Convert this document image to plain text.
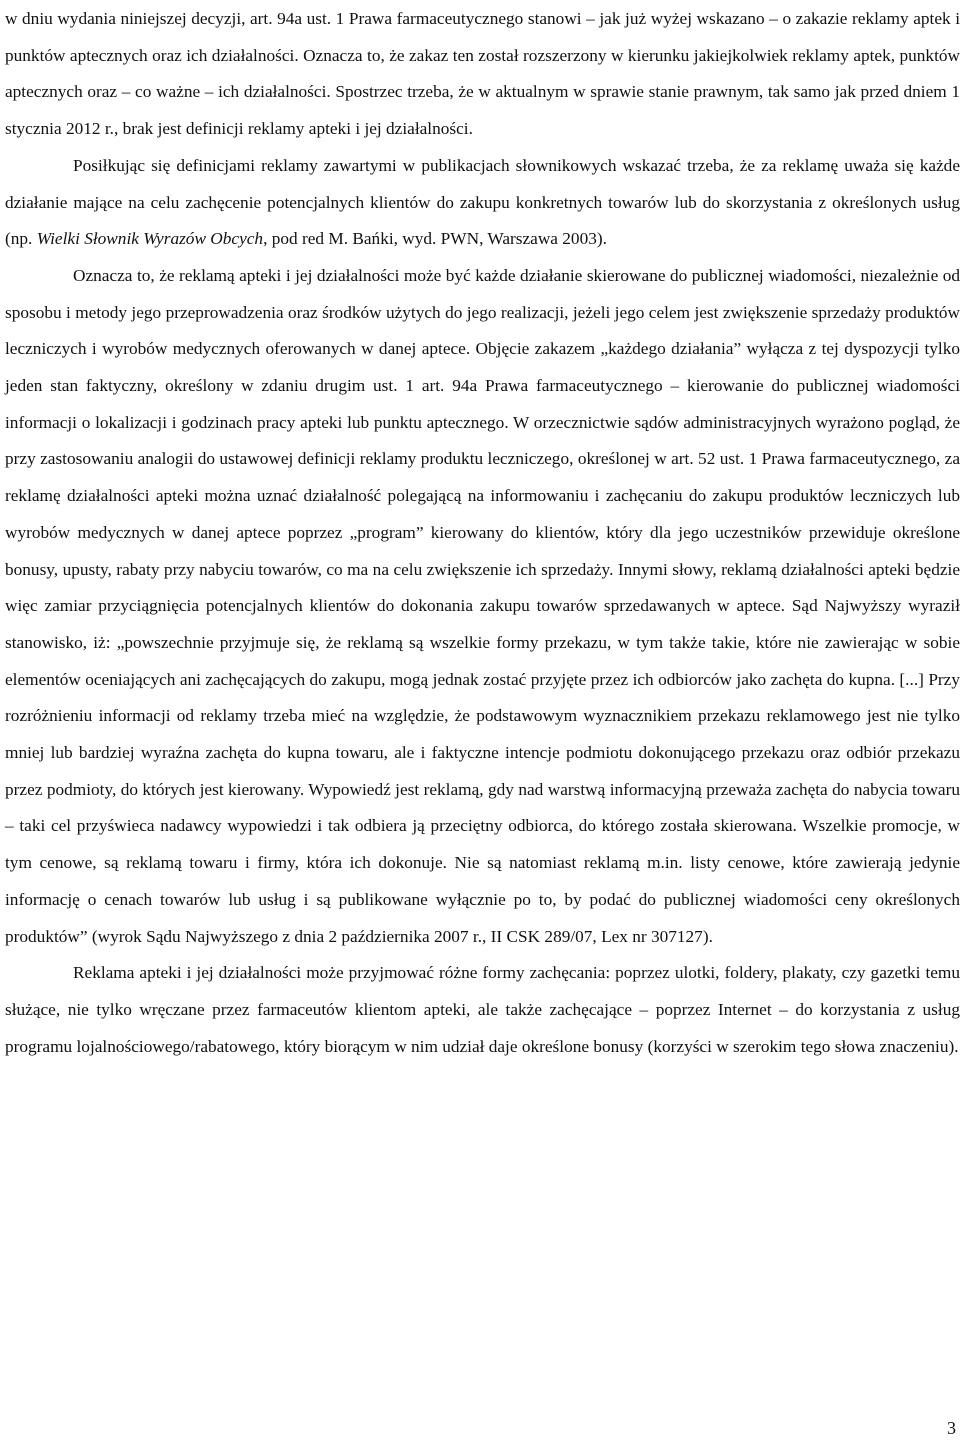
w dniu wydania niniejszej decyzji, art. 94a ust. 1 Prawa farmaceutycznego stanowi – jak już wyżej wskazano – o zakazie reklamy aptek i punktów aptecznych oraz ich działalności. Oznacza to, że zakaz ten został rozszerzony w kierunku jakiejkolwiek reklamy aptek, punktów aptecznych oraz – co ważne – ich działalności. Spostrzec trzeba, że w aktualnym w sprawie stanie prawnym, tak samo jak przed dniem 1 stycznia 2012 r., brak jest definicji reklamy apteki i jej działalności.

Posiłkując się definicjami reklamy zawartymi w publikacjach słownikowych wskazać trzeba, że za reklamę uważa się każde działanie mające na celu zachęcenie potencjalnych klientów do zakupu konkretnych towarów lub do skorzystania z określonych usług (np. Wielki Słownik Wyrazów Obcych, pod red M. Bańki, wyd. PWN, Warszawa 2003).

Oznacza to, że reklamą apteki i jej działalności może być każde działanie skierowane do publicznej wiadomości, niezależnie od sposobu i metody jego przeprowadzenia oraz środków użytych do jego realizacji, jeżeli jego celem jest zwiększenie sprzedaży produktów leczniczych i wyrobów medycznych oferowanych w danej aptece. Objęcie zakazem „każdego działania” wyłącza z tej dyspozycji tylko jeden stan faktyczny, określony w zdaniu drugim ust. 1 art. 94a Prawa farmaceutycznego – kierowanie do publicznej wiadomości informacji o lokalizacji i godzinach pracy apteki lub punktu aptecznego. W orzecznictwie sądów administracyjnych wyrażono pogląd, że przy zastosowaniu analogii do ustawowej definicji reklamy produktu leczniczego, określonej w art. 52 ust. 1 Prawa farmaceutycznego, za reklamę działalności apteki można uznać działalność polegającą na informowaniu i zachęcaniu do zakupu produktów leczniczych lub wyrobów medycznych w danej aptece poprzez „program” kierowany do klientów, który dla jego uczestników przewiduje określone bonusy, upusty, rabaty przy nabyciu towarów, co ma na celu zwiększenie ich sprzedaży. Innymi słowy, reklamą działalności apteki będzie więc zamiar przyciągnięcia potencjalnych klientów do dokonania zakupu towarów sprzedawanych w aptece. Sąd Najwyższy wyraził stanowisko, iż: „powszechnie przyjmuje się, że reklamą są wszelkie formy przekazu, w tym także takie, które nie zawierając w sobie elementów oceniających ani zachęcających do zakupu, mogą jednak zostać przyjęte przez ich odbiorców jako zachęta do kupna. [...] Przy rozróżnieniu informacji od reklamy trzeba mieć na względzie, że podstawowym wyznacznikiem przekazu reklamowego jest nie tylko mniej lub bardziej wyraźna zachęta do kupna towaru, ale i faktyczne intencje podmiotu dokonującego przekazu oraz odbiór przekazu przez podmioty, do których jest kierowany. Wypowiedź jest reklamą, gdy nad warstwą informacyjną przeważa zachęta do nabycia towaru – taki cel przyświeca nadawcy wypowiedzi i tak odbiera ją przeciętny odbiorca, do którego została skierowana. Wszelkie promocje, w tym cenowe, są reklamą towaru i firmy, która ich dokonuje. Nie są natomiast reklamą m.in. listy cenowe, które zawierają jedynie informację o cenach towarów lub usług i są publikowane wyłącznie po to, by podać do publicznej wiadomości ceny określonych produktów” (wyrok Sądu Najwyższego z dnia 2 października 2007 r., II CSK 289/07, Lex nr 307127).

Reklama apteki i jej działalności może przyjmować różne formy zachęcania: poprzez ulotki, foldery, plakaty, czy gazetki temu służące, nie tylko wręczane przez farmaceutów klientom apteki, ale także zachęcające – poprzez Internet – do korzystania z usług programu lojalnościowego/rabatowego, który biorącym w nim udział daje określone bonusy (korzyści w szerokim tego słowa znaczeniu).

3
